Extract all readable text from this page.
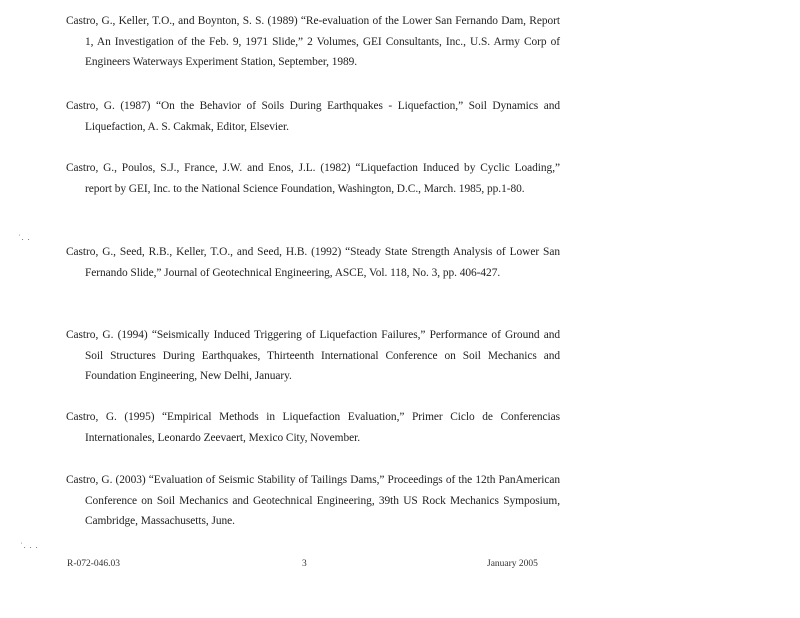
˙. .
˙. . .
Castro, G., Keller, T.O., and Boynton, S. S. (1989) “Re-evaluation of the Lower San Fernando Dam, Report 1, An Investigation of the Feb. 9, 1971 Slide,” 2 Volumes, GEI Consultants, Inc., U.S. Army Corp of Engineers Waterways Experiment Station, September, 1989.
Castro, G. (1987) “On the Behavior of Soils During Earthquakes - Liquefaction,” Soil Dynamics and Liquefaction, A. S. Cakmak, Editor, Elsevier.
Castro, G., Poulos, S.J., France, J.W. and Enos, J.L. (1982) “Liquefaction Induced by Cyclic Loading,” report by GEI, Inc. to the National Science Foundation, Washington, D.C., March. 1985, pp.1-80.
Castro, G., Seed, R.B., Keller, T.O., and Seed, H.B. (1992) “Steady State Strength Analysis of Lower San Fernando Slide,” Journal of Geotechnical Engineering, ASCE, Vol. 118, No. 3, pp. 406-427.
Castro, G. (1994) “Seismically Induced Triggering of Liquefaction Failures,” Performance of Ground and Soil Structures During Earthquakes, Thirteenth International Conference on Soil Mechanics and Foundation Engineering, New Delhi, January.
Castro, G. (1995) “Empirical Methods in Liquefaction Evaluation,” Primer Ciclo de Conferencias Internationales, Leonardo Zeevaert, Mexico City, November.
Castro, G. (2003) “Evaluation of Seismic Stability of Tailings Dams,” Proceedings of the 12th PanAmerican Conference on Soil Mechanics and Geotechnical Engineering, 39th US Rock Mechanics Symposium, Cambridge, Massachusetts, June.
R-072-046.03	3	January 2005
